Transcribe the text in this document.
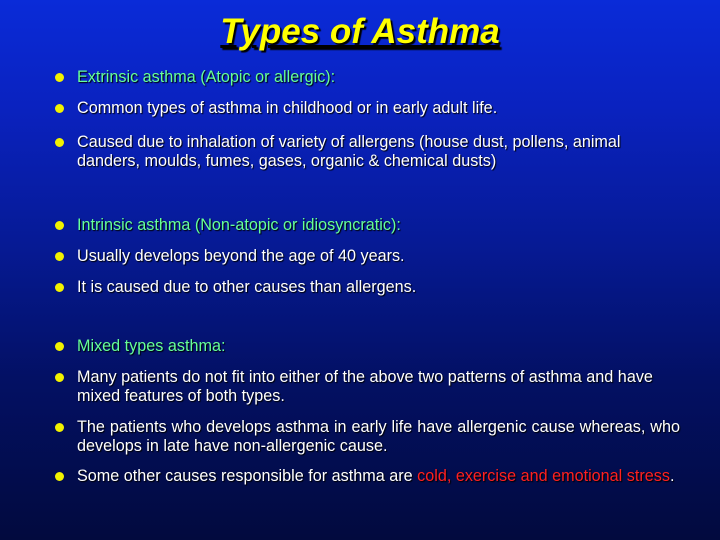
Types of Asthma
Extrinsic asthma (Atopic or allergic):
Common types of asthma in childhood or in early adult life.
Caused due to inhalation of variety of allergens (house dust, pollens, animal danders, moulds, fumes, gases, organic & chemical dusts)
Intrinsic asthma (Non-atopic or idiosyncratic):
Usually develops beyond the age of 40 years.
It is caused due to other causes than allergens.
Mixed types asthma:
Many patients do not fit into either of the above two patterns of asthma and have mixed features of both types.
The patients who develops asthma in early life have allergenic cause whereas, who develops in late have non-allergenic cause.
Some other causes responsible for asthma are cold, exercise and emotional stress.
